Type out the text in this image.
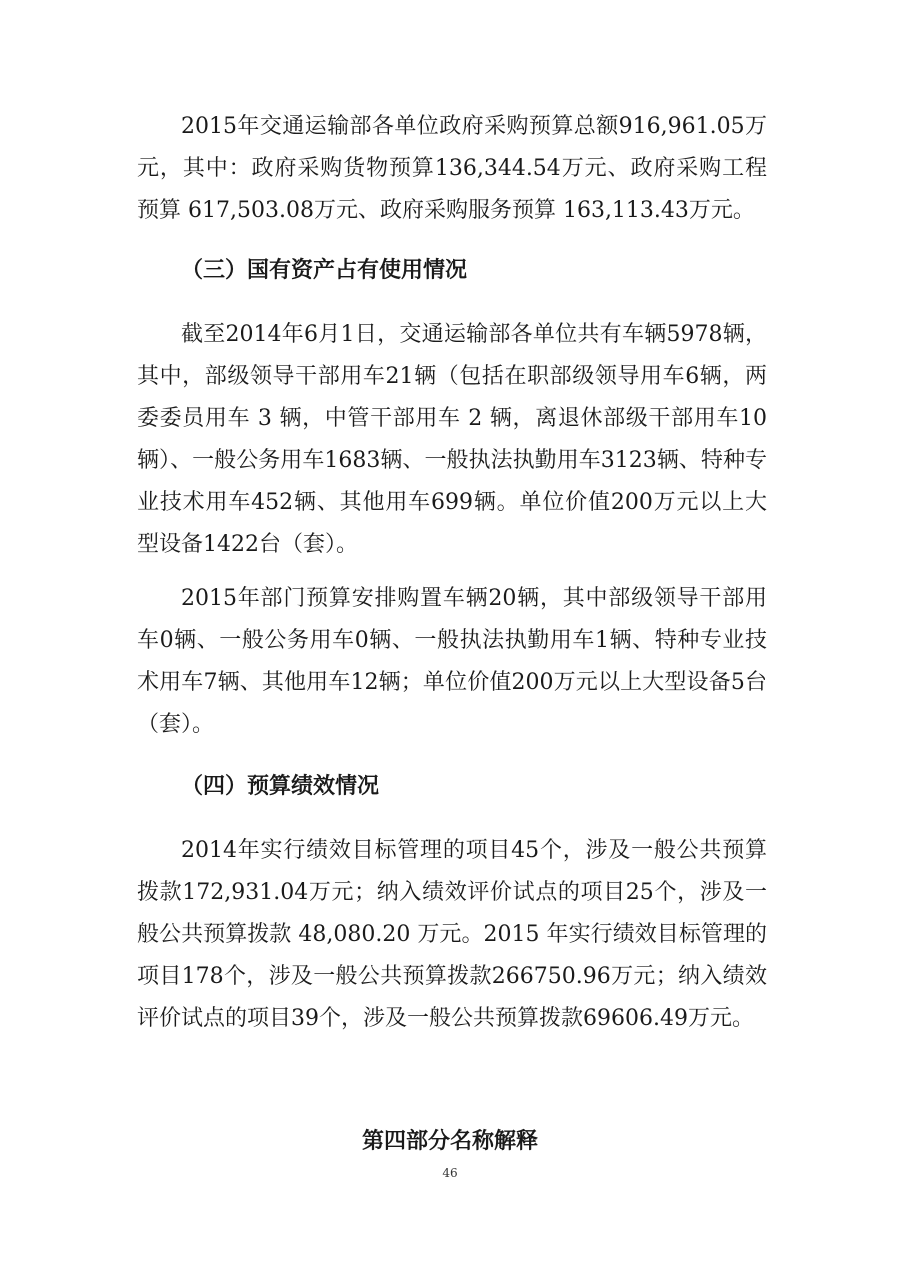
2015年交通运输部各单位政府采购预算总额916,961.05万元，其中：政府采购货物预算136,344.54万元、政府采购工程预算 617,503.08万元、政府采购服务预算 163,113.43万元。

（三）国有资产占有使用情况

截至2014年6月1日，交通运输部各单位共有车辆5978辆，其中，部级领导干部用车21辆（包括在职部级领导用车6辆，两委委员用车 3 辆，中管干部用车 2 辆，离退休部级干部用车10辆）、一般公务用车1683辆、一般执法执勤用车3123辆、特种专业技术用车452辆、其他用车699辆。单位价值200万元以上大型设备1422台（套）。

2015年部门预算安排购置车辆20辆，其中部级领导干部用车0辆、一般公务用车0辆、一般执法执勤用车1辆、特种专业技术用车7辆、其他用车12辆；单位价值200万元以上大型设备5台（套）。

（四）预算绩效情况

2014年实行绩效目标管理的项目45个，涉及一般公共预算拨款172,931.04万元；纳入绩效评价试点的项目25个，涉及一般公共预算拨款 48,080.20 万元。2015 年实行绩效目标管理的项目178个，涉及一般公共预算拨款266750.96万元；纳入绩效评价试点的项目39个，涉及一般公共预算拨款69606.49万元。

第四部分名称解释
46
